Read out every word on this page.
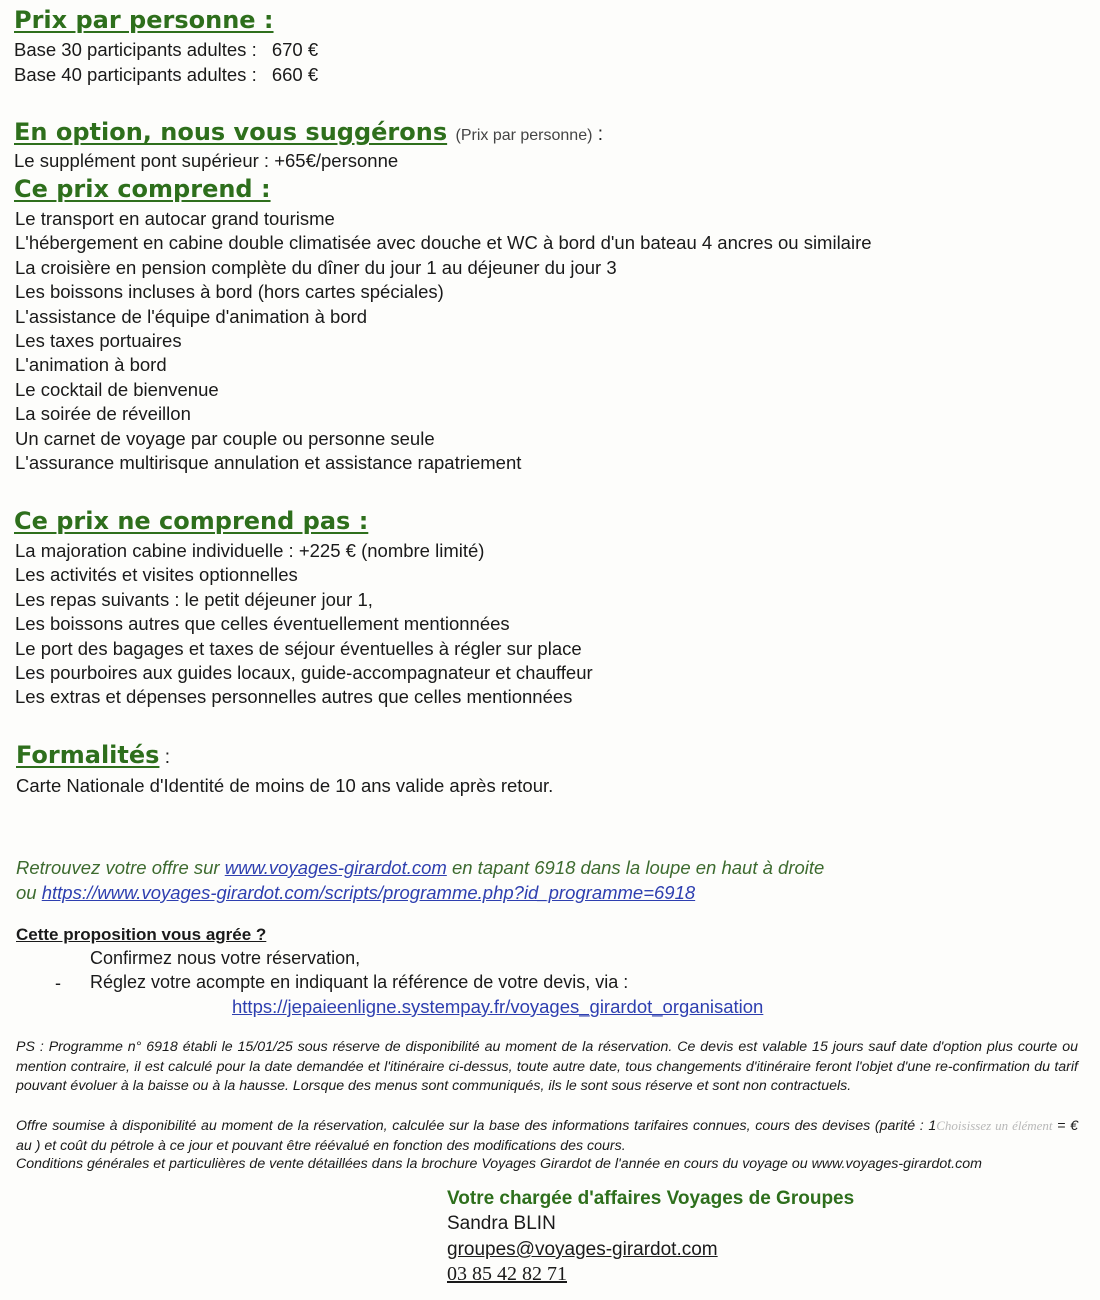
Prix par personne :
Base 30 participants adultes : 670 €
Base 40 participants adultes : 660 €
En option, nous vous suggérons (Prix par personne) :
Le supplément pont supérieur : +65€/personne
Ce prix comprend :
Le transport en autocar grand tourisme
L'hébergement en cabine double climatisée avec douche et WC à bord d'un bateau 4 ancres ou similaire
La croisière en pension complète du dîner du jour 1 au déjeuner du jour 3
Les boissons incluses à bord (hors cartes spéciales)
L'assistance de l'équipe d'animation à bord
Les taxes portuaires
L'animation à bord
Le cocktail de bienvenue
La soirée de réveillon
Un carnet de voyage par couple ou personne seule
L'assurance multirisque annulation et assistance rapatriement
Ce prix ne comprend pas :
La majoration cabine individuelle : +225 € (nombre limité)
Les activités et visites optionnelles
Les repas suivants : le petit déjeuner jour 1,
Les boissons autres que celles éventuellement mentionnées
Le port des bagages et taxes de séjour éventuelles à régler sur place
Les pourboires aux guides locaux, guide-accompagnateur et chauffeur
Les extras et dépenses personnelles autres que celles mentionnées
Formalités :
Carte Nationale d'Identité de moins de 10 ans valide après retour.
Retrouvez votre offre sur www.voyages-girardot.com en tapant 6918 dans la loupe en haut à droite
ou https://www.voyages-girardot.com/scripts/programme.php?id_programme=6918
Cette proposition vous agrée ?
Confirmez nous votre réservation,
- Réglez votre acompte en indiquant la référence de votre devis, via :
https://jepaieenligne.systempay.fr/voyages_girardot_organisation

PS : Programme n° 6918 établi le 15/01/25 sous réserve de disponibilité au moment de la réservation. Ce devis est valable 15 jours sauf date d'option plus courte ou mention contraire, il est calculé pour la date demandée et l'itinéraire ci-dessus, toute autre date, tous changements d'itinéraire feront l'objet d'une re-confirmation du tarif pouvant évoluer à la baisse ou à la hausse. Lorsque des menus sont communiqués, ils le sont sous réserve et sont non contractuels.

Offre soumise à disponibilité au moment de la réservation, calculée sur la base des informations tarifaires connues, cours des devises (parité : 1Choisissez un élément = € au ) et coût du pétrole à ce jour et pouvant être réévalué en fonction des modifications des cours.

Conditions générales et particulières de vente détaillées dans la brochure Voyages Girardot de l'année en cours du voyage ou www.voyages-girardot.com

Votre chargée d'affaires Voyages de Groupes
Sandra BLIN
groupes@voyages-girardot.com
03 85 42 82 71
